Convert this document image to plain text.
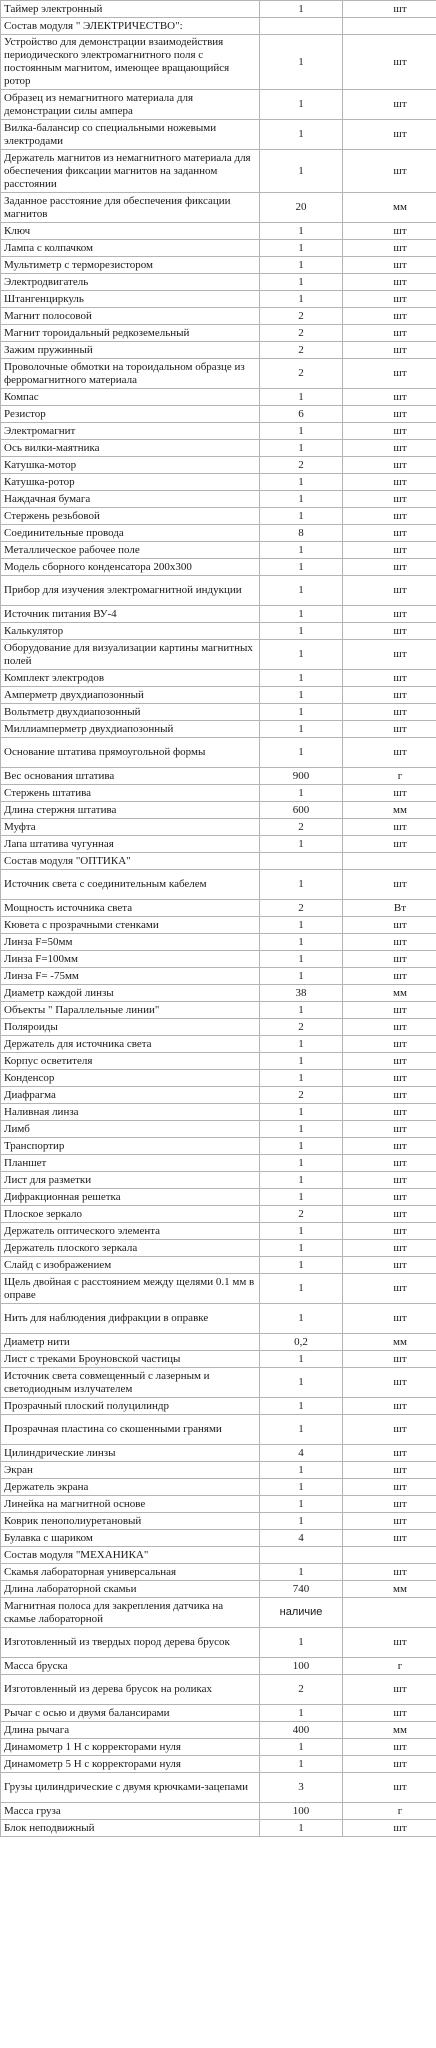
Таймер электронный	1	шт
Состав модуля " ЭЛЕКТРИЧЕСТВО":		
Устройство для демонстрации взаимодействия периодического электромагнитного поля с постоянным магнитом, имеющее вращающийся ротор	1	шт
Образец из немагнитного материала для демонстрации силы ампера	1	шт
Вилка-балансир со специальными ножевыми электродами	1	шт
Держатель магнитов из немагнитного материала для обеспечения фиксации магнитов на заданном расстоянии	1	шт
Заданное расстояние для обеспечения фиксации магнитов	20	мм
Ключ	1	шт
Лампа с колпачком	1	шт
Мультиметр с терморезистором	1	шт
Электродвигатель	1	шт
Штангенциркуль	1	шт
Магнит полосовой	2	шт
Магнит тороидальный редкоземельный	2	шт
Зажим пружинный	2	шт
Проволочные обмотки на тороидальном образце из ферромагнитного материала	2	шт
Компас	1	шт
Резистор	6	шт
Электромагнит	1	шт
Ось вилки-маятника	1	шт
Катушка-мотор	2	шт
Катушка-ротор	1	шт
Наждачная бумага	1	шт
Стержень резьбовой	1	шт
Соединительные провода	8	шт
Металлическое рабочее поле	1	шт
Модель сборного конденсатора 200х300	1	шт
Прибор для изучения электромагнитной индукции	1	шт
Источник питания ВУ-4	1	шт
Калькулятор	1	шт
Оборудование для визуализации картины магнитных полей	1	шт
Комплект электродов	1	шт
Амперметр двухдиапозонный	1	шт
Вольтметр двухдиапозонный	1	шт
Миллиамперметр двухдиапозонный	1	шт
Основание штатива прямоугольной формы	1	шт
Вес основания штатива	900	г
Стержень штатива	1	шт
Длина стержня штатива	600	мм
Муфта	2	шт
Лапа штатива чугунная	1	шт
Состав модуля "ОПТИКА"		
Источник света с соединительным кабелем	1	шт
Мощность источника света	2	Вт
Кювета с прозрачными стенками	1	шт
Линза F=50мм	1	шт
Линза F=100мм	1	шт
Линза F= -75мм	1	шт
Диаметр каждой линзы	38	мм
Объекты " Параллельные линии"	1	шт
Поляроиды	2	шт
Держатель для источника света	1	шт
Корпус осветителя	1	шт
Конденсор	1	шт
Диафрагма	2	шт
Наливная линза	1	шт
Лимб	1	шт
Транспортир	1	шт
Планшет	1	шт
Лист для разметки	1	шт
Дифракционная решетка	1	шт
Плоское зеркало	2	шт
Держатель оптического элемента	1	шт
Держатель плоского зеркала	1	шт
Слайд с изображением	1	шт
Щель двойная с расстоянием между щелями 0.1 мм в оправе	1	шт
Нить для наблюдения дифракции в оправке	1	шт
Диаметр нити	0,2	мм
Лист с треками Броуновской частицы	1	шт
Источник света совмещенный с лазерным и светодиодным излучателем	1	шт
Прозрачный плоский полуцилиндр	1	шт
Прозрачная пластина со скошенными гранями	1	шт
Цилиндрические линзы	4	шт
Экран	1	шт
Держатель экрана	1	шт
Линейка на магнитной основе	1	шт
Коврик пенополиуретановый	1	шт
Булавка с шариком	4	шт
Состав модуля "МЕХАНИКА"		
Скамья лабораторная универсальная	1	шт
Длина лабораторной скамьи	740	мм
Магнитная полоса для закрепления датчика на скамье лабораторной	наличие	
Изготовленный из твердых пород дерева брусок	1	шт
Масса бруска	100	г
Изготовленный из дерева брусок на роликах	2	шт
Рычаг с осью и двумя балансирами	1	шт
Длина рычага	400	мм
Динамометр 1 Н с корректорами нуля	1	шт
Динамометр 5 Н с корректорами нуля	1	шт
Грузы цилиндрические с двумя крючками-зацепами	3	шт
Масса груза	100	г
Блок неподвижный	1	шт
